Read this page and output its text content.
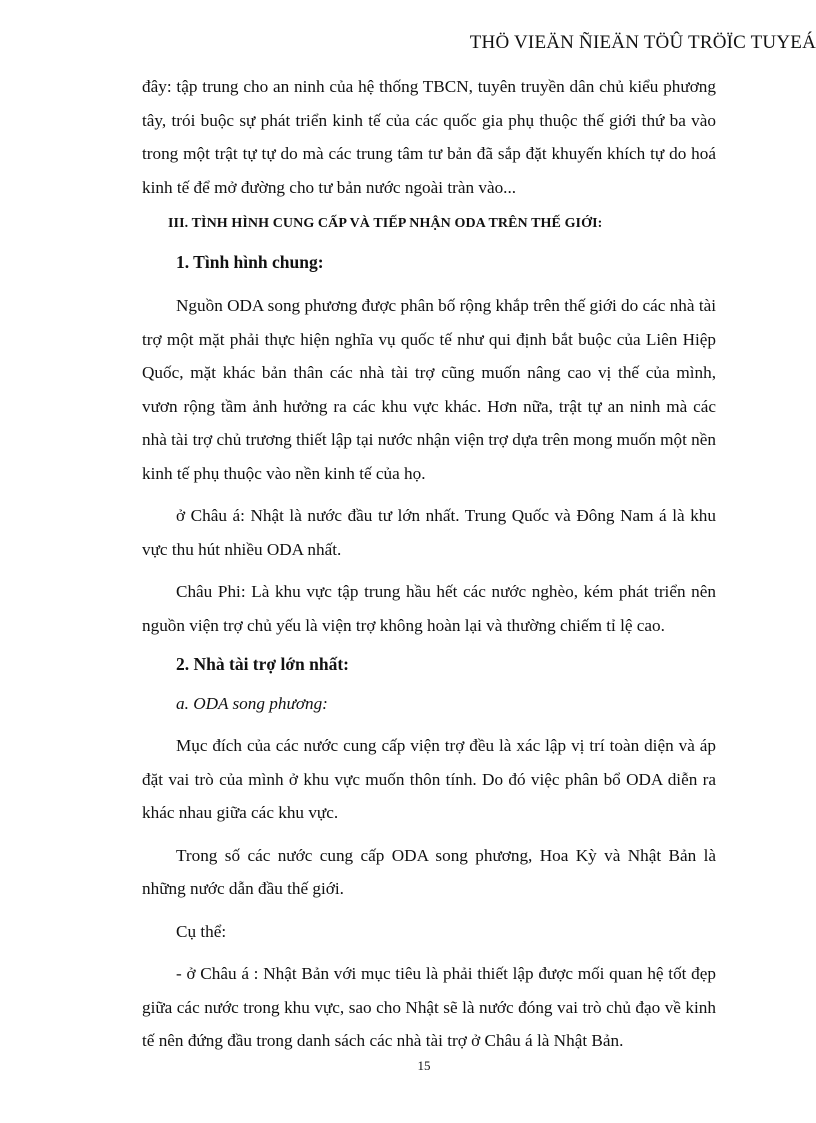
THÖ VIEÄN ÑIEÄN TÖÛ TRÖÏC TUYEÁ

đây: tập trung cho an ninh của hệ thống TBCN, tuyên truyền dân chủ kiểu phương tây, trói buộc sự phát triển kinh tế của các quốc gia phụ thuộc thế giới thứ ba vào trong một trật tự tự do mà các trung tâm tư bản đã sắp đặt khuyến khích tự do hoá kinh tế để mở đường cho tư bản nước ngoài tràn vào...

III. TÌNH HÌNH CUNG CẤP VÀ TIẾP NHẬN ODA TRÊN THẾ GIỚI:
1. Tình hình chung:

Nguồn ODA song phương được phân bố rộng khắp trên thế giới do các nhà tài trợ một mặt phải thực hiện nghĩa vụ quốc tế như qui định bắt buộc của Liên Hiệp Quốc, mặt khác bản thân các nhà tài trợ cũng muốn nâng cao vị thế của mình, vươn rộng tầm ảnh hưởng ra các khu vực khác. Hơn nữa, trật tự an ninh mà các nhà tài trợ chủ trương thiết lập tại nước nhận viện trợ dựa trên mong muốn một nền kinh tế phụ thuộc vào nền kinh tế của họ.

ở Châu á: Nhật là nước đầu tư lớn nhất. Trung Quốc và Đông Nam á là khu vực thu hút nhiều ODA nhất.

Châu Phi: Là khu vực tập trung hầu hết các nước nghèo, kém phát triển nên nguồn viện trợ chủ yếu là viện trợ không hoàn lại và thường chiếm tỉ lệ cao.

2. Nhà tài trợ lớn nhất:
a. ODA song phương:

Mục đích của các nước cung cấp viện trợ đều là xác lập vị trí toàn diện và áp đặt vai trò của mình ở khu vực muốn thôn tính. Do đó việc phân bổ ODA diễn ra khác nhau giữa các khu vực.

Trong số các nước cung cấp ODA song phương, Hoa Kỳ và Nhật Bản là những nước dẫn đầu thế giới.

Cụ thể:

- ở Châu á : Nhật Bản với mục tiêu là phải thiết lập được mối quan hệ tốt đẹp giữa các nước trong khu vực, sao cho Nhật sẽ là nước đóng vai trò chủ đạo về kinh tế nên đứng đầu trong danh sách các nhà tài trợ ở Châu á là Nhật Bản.

15
